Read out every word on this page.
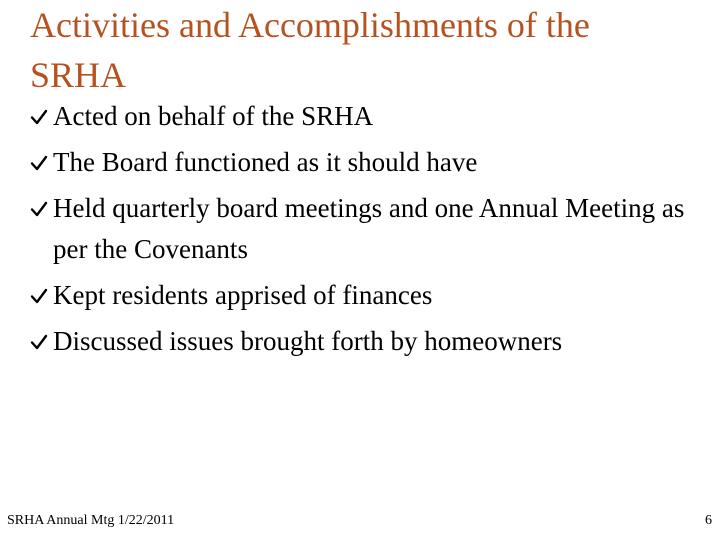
Activities and Accomplishments of the SRHA
Acted on behalf of the SRHA
The Board functioned as it should have
Held quarterly board meetings and one Annual Meeting as per the Covenants
Kept residents apprised of finances
Discussed issues brought forth by homeowners
SRHA Annual Mtg 1/22/2011	6
